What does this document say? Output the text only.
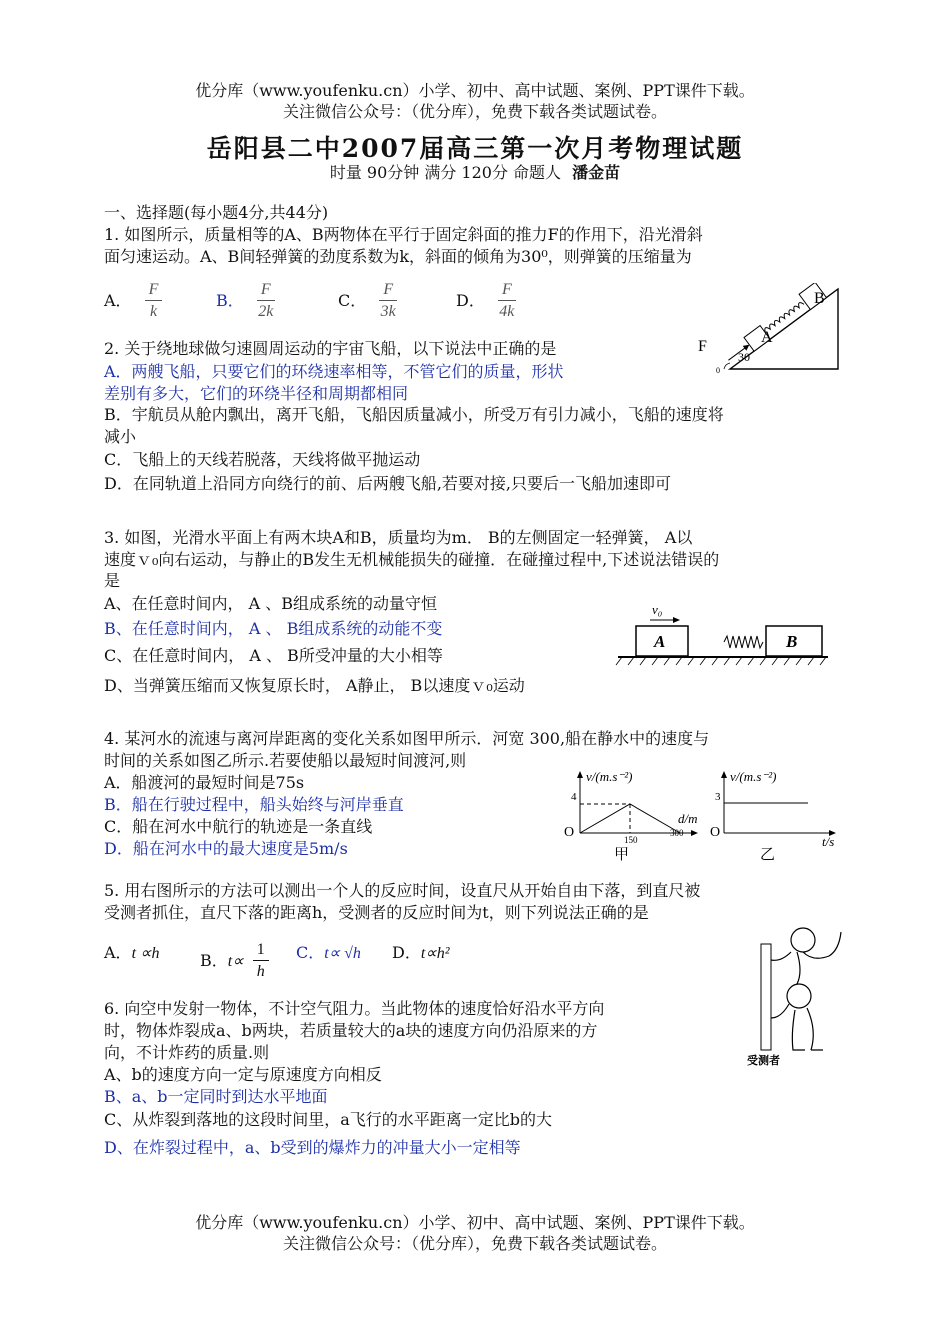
优分库（www.youfenku.cn）小学、初中、高中试题、案例、PPT课件下载。
关注微信公众号：（优分库），免费下载各类试题试卷。
岳阳县二中2007届高三第一次月考物理试题
时量 90分钟 满分 120分 命题人 潘金苗
一、选择题(每小题4分,共44分)
1. 如图所示，质量相等的A、B两物体在平行于固定斜面的推力F的作用下，沿光滑斜
面匀速运动。A、B间轻弹簧的劲度系数为k，斜面的倾角为30⁰，则弹簧的压缩量为
A． $\frac{F}{k}$	B． $\frac{F}{2k}$	C． $\frac{F}{3k}$	D． $\frac{F}{4k}$	B
A
F
30
0
2. 关于绕地球做匀速圆周运动的宇宙飞船，以下说法中正确的是
A．两艘飞船，只要它们的环绕速率相等，不管它们的质量，形状
差别有多大，它们的环绕半径和周期都相同
B．宇航员从舱内飘出，离开飞船，飞船因质量减小，所受万有引力减小，飞船的速度将
减小
C．飞船上的天线若脱落，天线将做平抛运动
D．在同轨道上沿同方向绕行的前、后两艘飞船,若要对接,只要后一飞船加速即可
3. 如图，光滑水平面上有两木块A和B，质量均为m． B的左侧固定一轻弹簧， A以
速度ｖ₀向右运动，与静止的B发生无机械能损失的碰撞．在碰撞过程中,下述说法错误的
是
A、在任意时间内， A 、B组成系统的动量守恒
B、在任意时间内， A 、 B组成系统的动能不变
C、在任意时间内， A 、 B所受冲量的大小相等
D、当弹簧压缩而又恢复原长时， A静止， B以速度ｖ₀运动
v₀
A	B
4. 某河水的流速与离河岸距离的变化关系如图甲所示．河宽 300,船在静水中的速度与
时间的关系如图乙所示.若要使船以最短时间渡河,则
A．船渡河的最短时间是75s
B．船在行驶过程中，船头始终与河岸垂直
C．船在河水中航行的轨迹是一条直线
D．船在河水中的最大速度是5m/s
v/(m.s⁻²)
4
O	150
300
d/m
甲
v/(m.s⁻²)
3
O
t/s
乙
5. 用右图所示的方法可以测出一个人的反应时间，设直尺从开始自由下落，到直尺被
受测者抓住，直尺下落的距离h，受测者的反应时间为t，则下列说法正确的是
A．t ∝h	B．$t\propto \frac{1}{h}$ C．t∝ √h D．t∝h²
受测者
6. 向空中发射一物体，不计空气阻力。当此物体的速度恰好沿水平方向
时，物体炸裂成a、b两块，若质量较大的a块的速度方向仍沿原来的方
向，不计炸药的质量.则
A、b的速度方向一定与原速度方向相反
B、a、b一定同时到达水平地面
C、从炸裂到落地的这段时间里，a飞行的水平距离一定比b的大
D、在炸裂过程中，a、b受到的爆炸力的冲量大小一定相等
优分库（www.youfenku.cn）小学、初中、高中试题、案例、PPT课件下载。
关注微信公众号：（优分库），免费下载各类试题试卷。
